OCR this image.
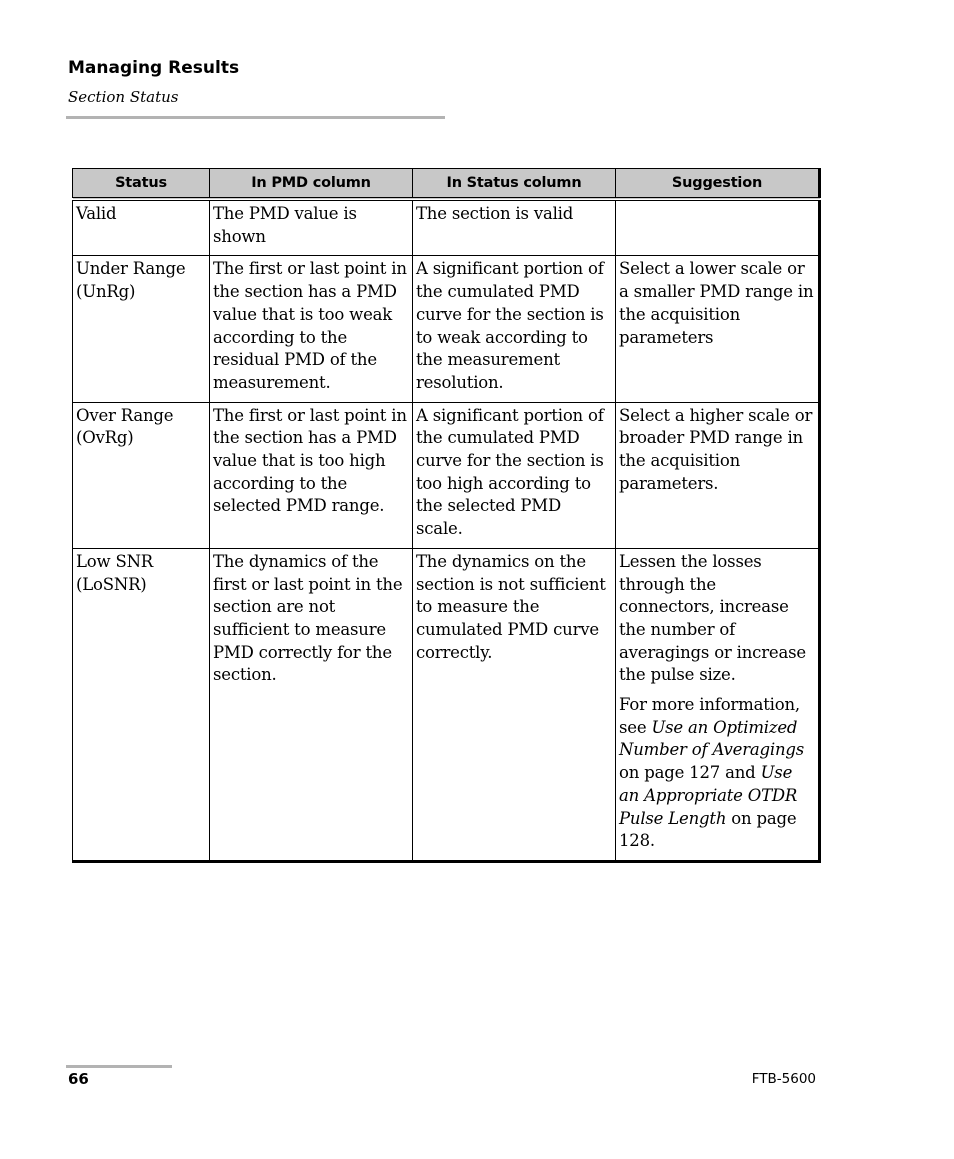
Managing Results
Section Status
Status	In PMD column	In Status column	Suggestion
Valid	The PMD value is shown	The section is valid	
Under Range (UnRg)	The first or last point in the section has a PMD value that is too weak according to the residual PMD of the measurement.	A significant portion of the cumulated PMD curve for the section is to weak according to the measurement resolution.	Select a lower scale or a smaller PMD range in the acquisition parameters
Over Range (OvRg)	The first or last point in the section has a PMD value that is too high according to the selected PMD range.	A significant portion of the cumulated PMD curve for the section is too high according to the selected PMD scale.	Select a higher scale or broader PMD range in the acquisition parameters.
Low SNR (LoSNR)	The dynamics of the first or last point in the section are not sufficient to measure PMD correctly for the section.	The dynamics on the section is not sufficient to measure the cumulated PMD curve correctly.	Lessen the losses through the connectors, increase the number of averagings or increase the pulse size.
For more information, see Use an Optimized Number of Averagings on page 127 and Use an Appropriate OTDR Pulse Length on page 128.
66	FTB-5600
